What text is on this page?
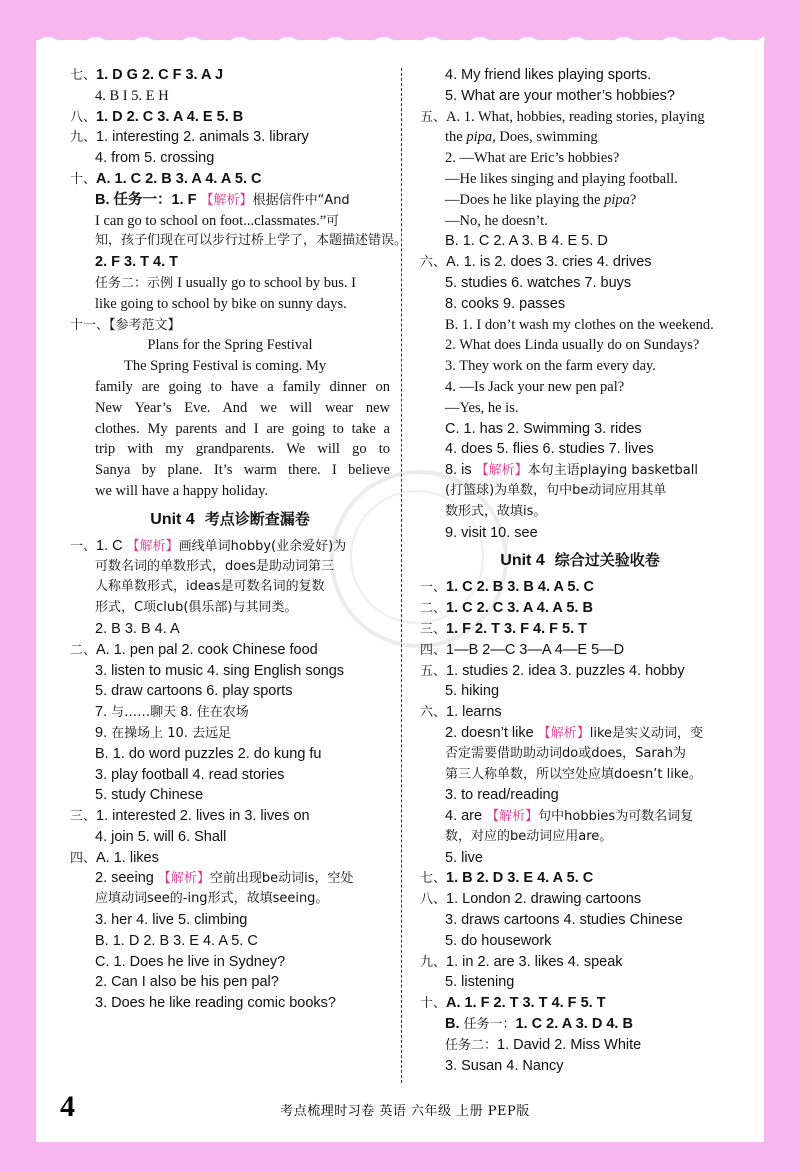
七、1. D G 2. C F 3. A J
4. B I 5. E H
八、1. D 2. C 3. A 4. E 5. B
九、1. interesting 2. animals 3. library
4. from 5. crossing
十、A. 1. C 2. B 3. A 4. A 5. C
B. 任务一：1. F 【解析】根据信件中“And
I can go to school on foot...classmates.”可
知，孩子们现在可以步行过桥上学了，本题描述错误。
2. F 3. T 4. T
任务二：示例 I usually go to school by bus. I
like going to school by bike on sunny days.
十一、【参考范文】
Plans for the Spring Festival
The Spring Festival is coming. My
family are going to have a family dinner on
New Year’s Eve. And we will wear new
clothes. My parents and I are going to take a
trip with my grandparents. We will go to
Sanya by plane. It’s warm there. I believe
we will have a happy holiday.
Unit 4 考点诊断查漏卷
一、1. C 【解析】画线单词hobby(业余爱好)为
可数名词的单数形式，does是助动词第三
人称单数形式，ideas是可数名词的复数
形式，C项club(俱乐部)与其同类。
2. B 3. B 4. A
二、A. 1. pen pal 2. cook Chinese food
3. listen to music 4. sing English songs
5. draw cartoons 6. play sports
7. 与……聊天 8. 住在农场
9. 在操场上 10. 去远足
B. 1. do word puzzles 2. do kung fu
3. play football 4. read stories
5. study Chinese
三、1. interested 2. lives in 3. lives on
4. join 5. will 6. Shall
四、A. 1. likes
2. seeing 【解析】空前出现be动词is，空处
应填动词see的-ing形式，故填seeing。
3. her 4. live 5. climbing
B. 1. D 2. B 3. E 4. A 5. C
C. 1. Does he live in Sydney?
2. Can I also be his pen pal?
3. Does he like reading comic books?
4. My friend likes playing sports.
5. What are your mother’s hobbies?
五、A. 1. What, hobbies, reading stories, playing
the pipa, Does, swimming
2. —What are Eric’s hobbies?
—He likes singing and playing football.
—Does he like playing the pipa?
—No, he doesn’t.
B. 1. C 2. A 3. B 4. E 5. D
六、A. 1. is 2. does 3. cries 4. drives
5. studies 6. watches 7. buys
8. cooks 9. passes
B. 1. I don’t wash my clothes on the weekend.
2. What does Linda usually do on Sundays?
3. They work on the farm every day.
4. —Is Jack your new pen pal?
—Yes, he is.
C. 1. has 2. Swimming 3. rides
4. does 5. flies 6. studies 7. lives
8. is 【解析】本句主语playing basketball
(打篮球)为单数，句中be动词应用其单
数形式，故填is。
9. visit 10. see
Unit 4 综合过关验收卷
一、1. C 2. B 3. B 4. A 5. C
二、1. C 2. C 3. A 4. A 5. B
三、1. F 2. T 3. F 4. F 5. T
四、1—B 2—C 3—A 4—E 5—D
五、1. studies 2. idea 3. puzzles 4. hobby
5. hiking
六、1. learns
2. doesn’t like 【解析】like是实义动词，变
否定需要借助助动词do或does，Sarah为
第三人称单数，所以空处应填doesn’t like。
3. to read/reading
4. are 【解析】句中hobbies为可数名词复
数，对应的be动词应用are。
5. live
七、1. B 2. D 3. E 4. A 5. C
八、1. London 2. drawing cartoons
3. draws cartoons 4. studies Chinese
5. do housework
九、1. in 2. are 3. likes 4. speak
5. listening
十、A. 1. F 2. T 3. T 4. F 5. T
B. 任务一：1. C 2. A 3. D 4. B
任务二：1. David 2. Miss White
3. Susan 4. Nancy
4	考点梳理时习卷 英语 六年级 上册 PEP版
